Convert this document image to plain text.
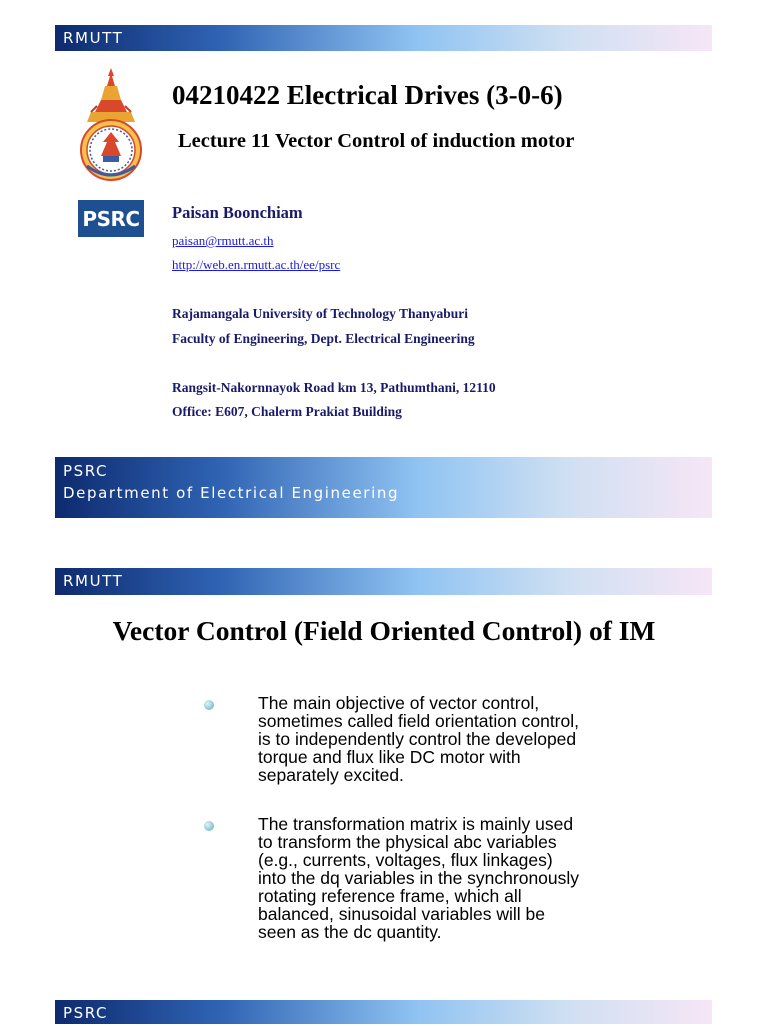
RMUTT
04210422 Electrical Drives (3-0-6)
Lecture 11 Vector Control of induction motor
PSRC Paisan Boonchiam
paisan@rmutt.ac.th
http://web.en.rmutt.ac.th/ee/psrc
Rajamangala University of Technology Thanyaburi
Faculty of Engineering, Dept. Electrical Engineering
Rangsit-Nakornnayok Road km 13, Pathumthani, 12110
Office: E607, Chalerm Prakiat Building
PSRC
Department of Electrical Engineering
RMUTT
Vector Control (Field Oriented Control) of IM
The main objective of vector control,
sometimes called field orientation control,
is to independently control the developed
torque and flux like DC motor with
separately excited.
The transformation matrix is mainly used
to transform the physical abc variables
(e.g., currents, voltages, flux linkages)
into the dq variables in the synchronously
rotating reference frame, which all
balanced, sinusoidal variables will be
seen as the dc quantity.
PSRC
